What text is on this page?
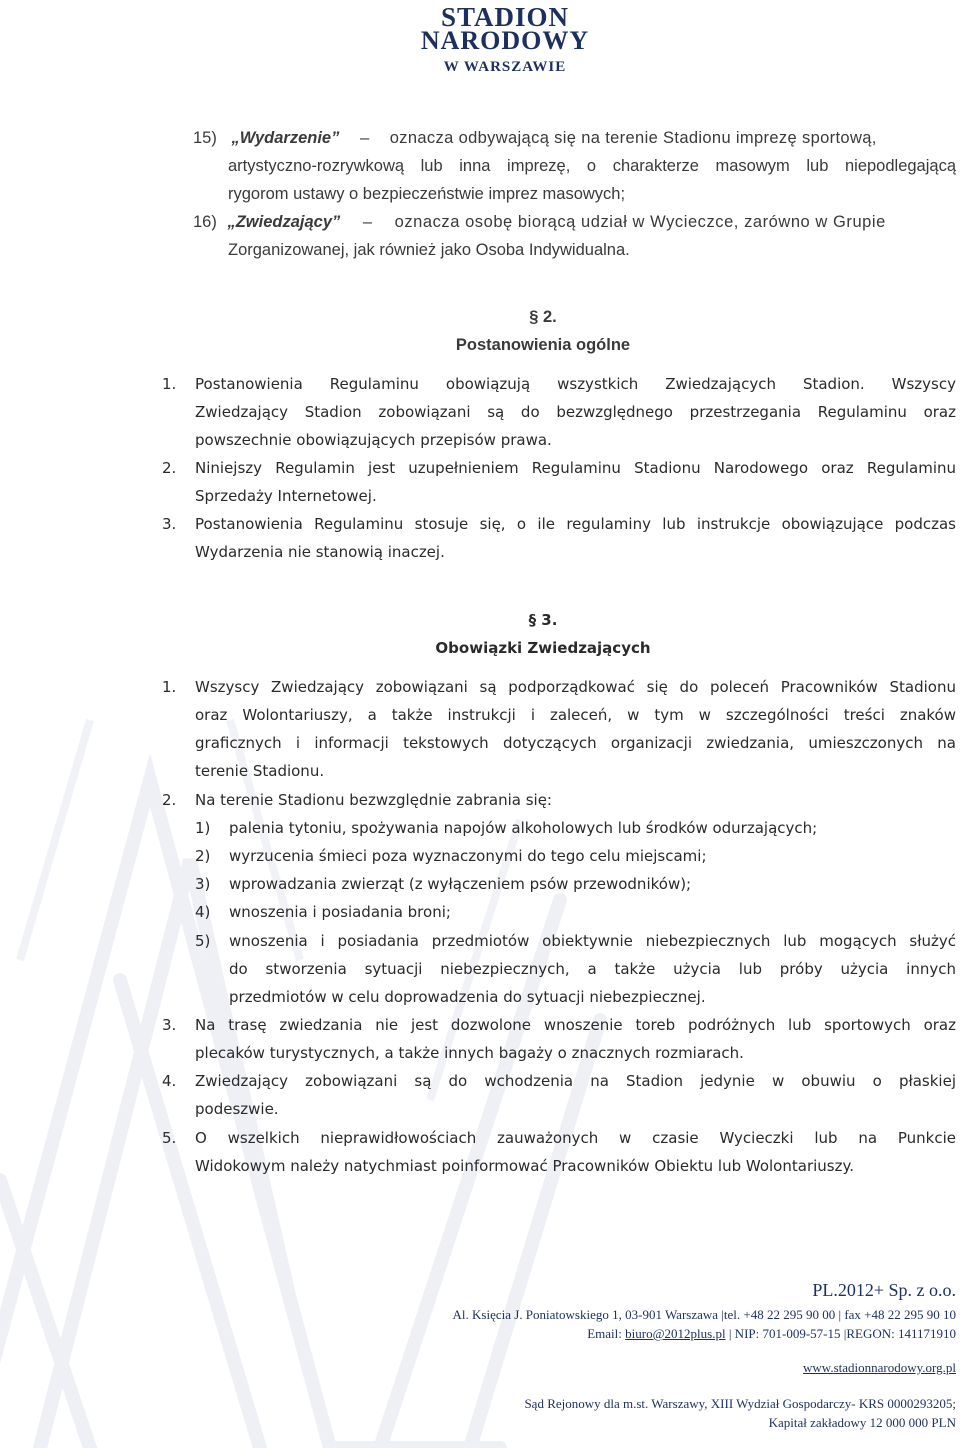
STADION
NARODOWY
W WARSZAWIE
15) „Wydarzenie” – oznacza odbywającą się na terenie Stadionu imprezę sportową,
artystyczno-rozrywkową lub inna imprezę, o charakterze masowym lub niepodlegającą
rygorom ustawy o bezpieczeństwie imprez masowych;
16) „Zwiedzający” – oznacza osobę biorącą udział w Wycieczce, zarówno w Grupie
Zorganizowanej, jak również jako Osoba Indywidualna.
§ 2.
Postanowienia ogólne
1. Postanowienia Regulaminu obowiązują wszystkich Zwiedzających Stadion. Wszyscy
Zwiedzający Stadion zobowiązani są do bezwzględnego przestrzegania Regulaminu oraz
powszechnie obowiązujących przepisów prawa.
2. Niniejszy Regulamin jest uzupełnieniem Regulaminu Stadionu Narodowego oraz Regulaminu
Sprzedaży Internetowej.
3. Postanowienia Regulaminu stosuje się, o ile regulaminy lub instrukcje obowiązujące podczas
Wydarzenia nie stanowią inaczej.
§ 3.
Obowiązki Zwiedzających
1. Wszyscy Zwiedzający zobowiązani są podporządkować się do poleceń Pracowników Stadionu
oraz Wolontariuszy, a także instrukcji i zaleceń, w tym w szczególności treści znaków
graficznych i informacji tekstowych dotyczących organizacji zwiedzania, umieszczonych na
terenie Stadionu.
2. Na terenie Stadionu bezwzględnie zabrania się:
1) palenia tytoniu, spożywania napojów alkoholowych lub środków odurzających;
2) wyrzucenia śmieci poza wyznaczonymi do tego celu miejscami;
3) wprowadzania zwierząt (z wyłączeniem psów przewodników);
4) wnoszenia i posiadania broni;
5) wnoszenia i posiadania przedmiotów obiektywnie niebezpiecznych lub mogących służyć
do stworzenia sytuacji niebezpiecznych, a także użycia lub próby użycia innych
przedmiotów w celu doprowadzenia do sytuacji niebezpiecznej.
3. Na trasę zwiedzania nie jest dozwolone wnoszenie toreb podróżnych lub sportowych oraz
plecaków turystycznych, a także innych bagaży o znacznych rozmiarach.
4. Zwiedzający zobowiązani są do wchodzenia na Stadion jedynie w obuwiu o płaskiej
podeszwie.
5. O wszelkich nieprawidłowościach zauważonych w czasie Wycieczki lub na Punkcie
Widokowym należy natychmiast poinformować Pracowników Obiektu lub Wolontariuszy.
PL.2012+ Sp. z o.o.
Al. Księcia J. Poniatowskiego 1, 03-901 Warszawa |tel. +48 22 295 90 00 | fax +48 22 295 90 10
Email: biuro@2012plus.pl | NIP: 701-009-57-15 |REGON: 141171910
www.stadionnarodowy.org.pl
Sąd Rejonowy dla m.st. Warszawy, XIII Wydział Gospodarczy- KRS 0000293205;
Kapitał zakładowy 12 000 000 PLN
